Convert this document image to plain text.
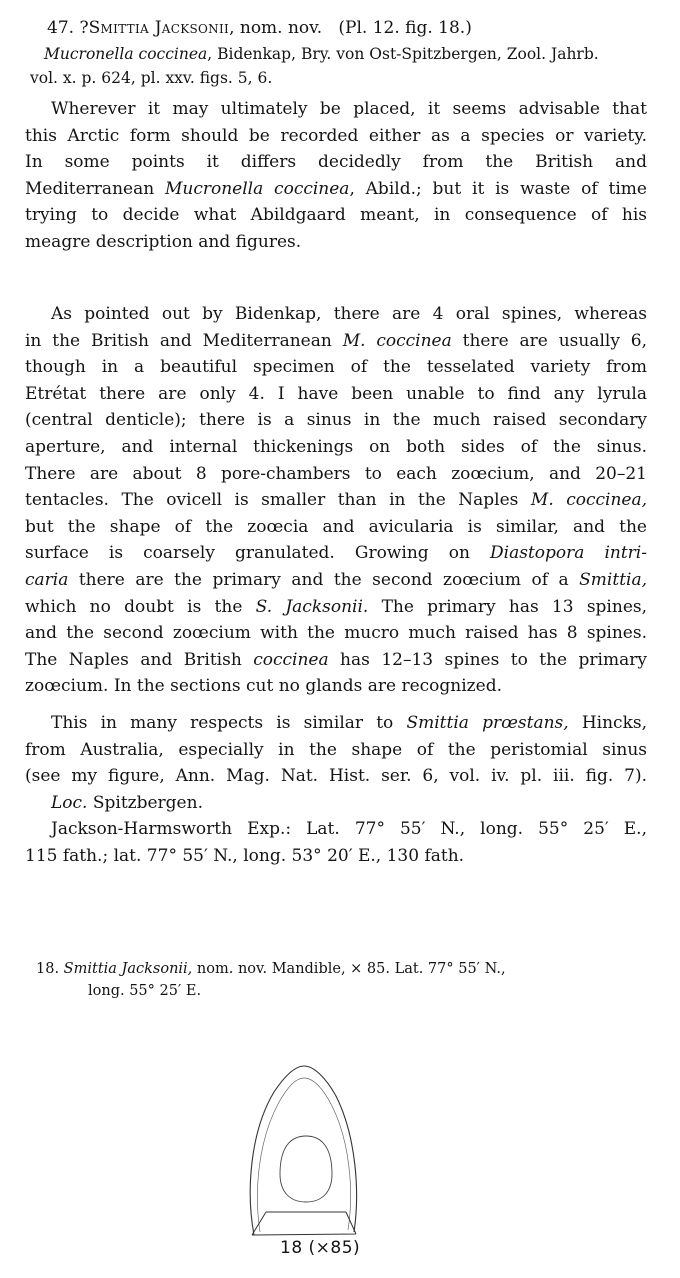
47. ?Smittia Jacksonii, nom. nov. (Pl. 12. fig. 18.)
Mucronella coccinea, Bidenkap, Bry. von Ost-Spitzbergen, Zool. Jahrb.
vol. x. p. 624, pl. xxv. figs. 5, 6.
Wherever it may ultimately be placed, it seems advisable that
this Arctic form should be recorded either as a species or variety.
In some points it differs decidedly from the British and
Mediterranean Mucronella coccinea, Abild.; but it is waste of time
trying to decide what Abildgaard meant, in consequence of his
meagre description and figures.
As pointed out by Bidenkap, there are 4 oral spines, whereas
in the British and Mediterranean M. coccinea there are usually 6,
though in a beautiful specimen of the tesselated variety from
Etrétat there are only 4. I have been unable to find any lyrula
(central denticle); there is a sinus in the much raised secondary
aperture, and internal thickenings on both sides of the sinus.
There are about 8 pore-chambers to each zoœcium, and 20–21
tentacles. The ovicell is smaller than in the Naples M. coccinea,
but the shape of the zoœcia and avicularia is similar, and the
surface is coarsely granulated. Growing on Diastopora intri-
caria there are the primary and the second zoœcium of a Smittia,
which no doubt is the S. Jacksonii. The primary has 13 spines,
and the second zoœcium with the mucro much raised has 8 spines.
The Naples and British coccinea has 12–13 spines to the primary
zoœcium. In the sections cut no glands are recognized.
This in many respects is similar to Smittia prœstans, Hincks,
from Australia, especially in the shape of the peristomial sinus
(see my figure, Ann. Mag. Nat. Hist. ser. 6, vol. iv. pl. iii. fig. 7).
Loc. Spitzbergen.
Jackson-Harmsworth Exp.: Lat. 77° 55′ N., long. 55° 25′ E.,
115 fath.; lat. 77° 55′ N., long. 53° 20′ E., 130 fath.
18. Smittia Jacksonii, nom. nov. Mandible, × 85. Lat. 77° 55′ N.,
long. 55° 25′ E.
18 (×85)
